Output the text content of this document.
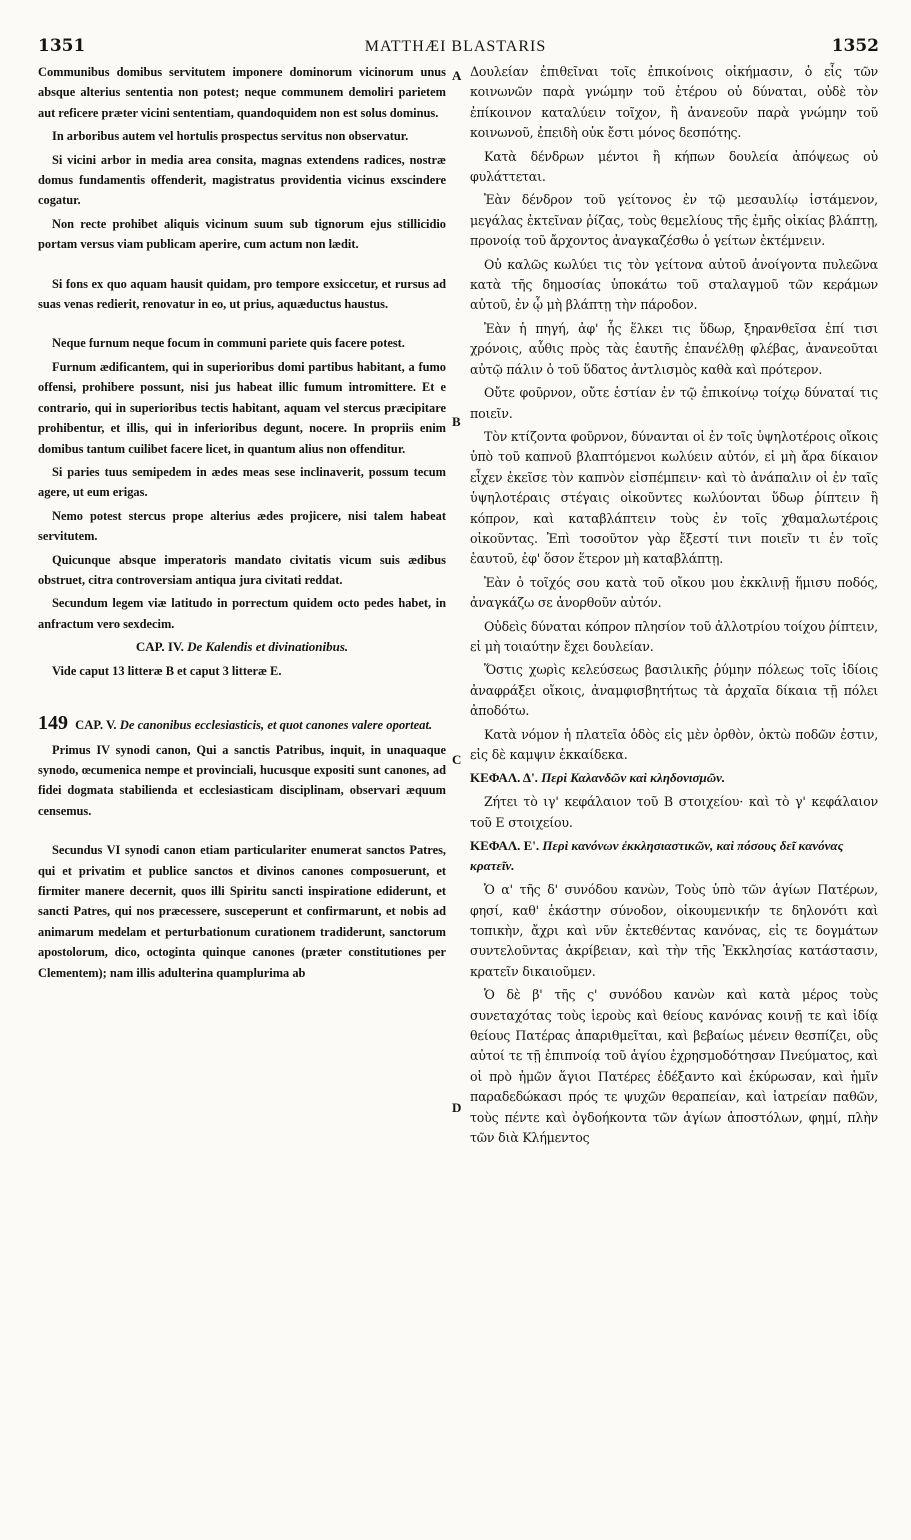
1351	MATTHÆI BLASTARIS	1352
A
B
C
D

Communibus domibus servitutem imponere dominorum vicinorum unus absque alterius sententia non potest; neque communem demoliri parietem aut reficere præter vicini sententiam, quandoquidem non est solus dominus.

In arboribus autem vel hortulis prospectus servitus non observatur.

Si vicini arbor in media area consita, magnas extendens radices, nostræ domus fundamentis offenderit, magistratus providentia vicinus exscindere cogatur.

Non recte prohibet aliquis vicinum suum sub tignorum ejus stillicidio portam versus viam publicam aperire, cum actum non lædit.

Si fons ex quo aquam hausit quidam, pro tempore exsiccetur, et rursus ad suas venas redierit, renovatur in eo, ut prius, aquæductus haustus.

Neque furnum neque focum in communi pariete quis facere potest.

Furnum ædificantem, qui in superioribus domi partibus habitant, a fumo offensi, prohibere possunt, nisi jus habeat illic fumum intromittere. Et e contrario, qui in superioribus tectis habitant, aquam vel stercus præcipitare prohibentur, et illis, qui in inferioribus degunt, nocere. In propriis enim domibus tantum cuilibet facere licet, in quantum alius non offenditur.

Si paries tuus semipedem in ædes meas sese inclinaverit, possum tecum agere, ut eum erigas.

Nemo potest stercus prope alterius ædes projicere, nisi talem habeat servitutem.

Quicunque absque imperatoris mandato civitatis vicum suis ædibus obstruet, citra controversiam antiqua jura civitati reddat.

Secundum legem viæ latitudo in porrectum quidem octo pedes habet, in anfractum vero sexdecim.

CAP. IV. De Kalendis et divinationibus.

Vide caput 13 litteræ B et caput 3 litteræ E.

149 CAP. V. De canonibus ecclesiasticis, et quot canones valere oporteat.

Primus IV synodi canon, Qui a sanctis Patribus, inquit, in unaquaque synodo, œcumenica nempe et provinciali, hucusque expositi sunt canones, ad fidei dogmata stabilienda et ecclesiasticam disciplinam, observari æquum censemus.

Secundus VI synodi canon etiam particulariter enumerat sanctos Patres, qui et privatim et publice sanctos et divinos canones composuerunt, et firmiter manere decernit, quos illi Spiritu sancti inspiratione ediderunt, et sancti Patres, qui nos præcessere, susceperunt et confirmarunt, et nobis ad animarum medelam et perturbationum curationem tradiderunt, sanctorum apostolorum, dico, octoginta quinque canones (præter constitutiones per Clementem); nam illis adulterina quamplurima ab

Δουλείαν ἐπιθεῖναι τοῖς ἐπικοίνοις οἰκήμασιν, ὁ εἷς τῶν κοινωνῶν παρὰ γνώμην τοῦ ἑτέρου οὐ δύναται, οὐδὲ τὸν ἐπίκοινον καταλύειν τοῖχον, ἢ ἀνανεοῦν παρὰ γνώμην τοῦ κοινωνοῦ, ἐπειδὴ οὐκ ἔστι μόνος δεσπότης.

Κατὰ δένδρων μέντοι ἢ κήπων δουλεία ἀπόψεως οὐ φυλάττεται.

Ἐὰν δένδρον τοῦ γείτονος ἐν τῷ μεσαυλίῳ ἱστάμενον, μεγάλας ἐκτεῖναν ῥίζας, τοὺς θεμελίους τῆς ἐμῆς οἰκίας βλάπτῃ, προνοίᾳ τοῦ ἄρχοντος ἀναγκαζέσθω ὁ γείτων ἐκτέμνειν.

Οὐ καλῶς κωλύει τις τὸν γείτονα αὐτοῦ ἀνοίγοντα πυλεῶνα κατὰ τῆς δημοσίας ὑποκάτω τοῦ σταλαγμοῦ τῶν κεράμων αὐτοῦ, ἐν ᾧ μὴ βλάπτῃ τὴν πάροδον.

Ἐὰν ἡ πηγή, ἀφ' ἧς ἕλκει τις ὕδωρ, ξηρανθεῖσα ἐπί τισι χρόνοις, αὖθις πρὸς τὰς ἑαυτῆς ἐπανέλθῃ φλέβας, ἀνανεοῦται αὐτῷ πάλιν ὁ τοῦ ὕδατος ἀντλισμὸς καθὰ καὶ πρότερον.

Οὔτε φοῦρνον, οὔτε ἑστίαν ἐν τῷ ἐπικοίνῳ τοίχῳ δύναταί τις ποιεῖν.

Τὸν κτίζοντα φοῦρνον, δύνανται οἱ ἐν τοῖς ὑψηλοτέροις οἴκοις ὑπὸ τοῦ καπνοῦ βλαπτόμενοι κωλύειν αὐτόν, εἰ μὴ ἄρα δίκαιον εἶχεν ἐκεῖσε τὸν καπνὸν εἰσπέμπειν· καὶ τὸ ἀνάπαλιν οἱ ἐν ταῖς ὑψηλοτέραις στέγαις οἰκοῦντες κωλύονται ὕδωρ ῥίπτειν ἢ κόπρον, καὶ καταβλάπτειν τοὺς ἐν τοῖς χθαμαλωτέροις οἰκοῦντας. Ἐπὶ τοσοῦτον γὰρ ἔξεστί τινι ποιεῖν τι ἐν τοῖς ἑαυτοῦ, ἐφ' ὅσον ἕτερον μὴ καταβλάπτῃ.

Ἐὰν ὁ τοῖχός σου κατὰ τοῦ οἴκου μου ἐκκλινῇ ἥμισυ ποδός, ἀναγκάζω σε ἀνορθοῦν αὐτόν.

Οὐδεὶς δύναται κόπρον πλησίον τοῦ ἀλλοτρίου τοίχου ῥίπτειν, εἰ μὴ τοιαύτην ἔχει δουλείαν.

Ὅστις χωρὶς κελεύσεως βασιλικῆς ῥύμην πόλεως τοῖς ἰδίοις ἀναφράξει οἴκοις, ἀναμφισβητήτως τὰ ἀρχαῖα δίκαια τῇ πόλει ἀποδότω.

Κατὰ νόμον ἡ πλατεῖα ὁδὸς εἰς μὲν ὀρθὸν, ὀκτὼ ποδῶν ἐστιν, εἰς δὲ καμψιν ἑκκαίδεκα.

ΚΕΦΑΛ. Δ'. Περὶ Καλανδῶν καὶ κληδονισμῶν.

Ζήτει τὸ ιγ' κεφάλαιον τοῦ Β στοιχείου· καὶ τὸ γ' κεφάλαιον τοῦ Ε στοιχείου.

ΚΕΦΑΛ. Ε'. Περὶ κανόνων ἐκκλησιαστικῶν, καὶ πόσους δεῖ κανόνας κρατεῖν.

Ὁ α' τῆς δ' συνόδου κανὼν, Τοὺς ὑπὸ τῶν ἁγίων Πατέρων, φησί, καθ' ἑκάστην σύνοδον, οἰκουμενικήν τε δηλονότι καὶ τοπικὴν, ἄχρι καὶ νῦν ἐκτεθέντας κανόνας, εἰς τε δογμάτων συντελοῦντας ἀκρίβειαν, καὶ τὴν τῆς Ἐκκλησίας κατάστασιν, κρατεῖν δικαιοῦμεν.

Ὁ δὲ β' τῆς ς' συνόδου κανὼν καὶ κατὰ μέρος τοὺς συνεταχότας τοὺς ἱεροὺς καὶ θείους κανόνας κοινῇ τε καὶ ἰδίᾳ θείους Πατέρας ἀπαριθμεῖται, καὶ βεβαίως μένειν θεσπίζει, οὓς αὐτοί τε τῇ ἐπιπνοίᾳ τοῦ ἁγίου ἐχρησμοδότησαν Πνεύματος, καὶ οἱ πρὸ ἡμῶν ἅγιοι Πατέρες ἐδέξαντο καὶ ἐκύρωσαν, καὶ ἡμῖν παραδεδώκασι πρός τε ψυχῶν θεραπείαν, καὶ ἰατρείαν παθῶν, τοὺς πέντε καὶ ὀγδοήκοντα τῶν ἁγίων ἀποστόλων, φημί, πλὴν τῶν διὰ Κλήμεντος
